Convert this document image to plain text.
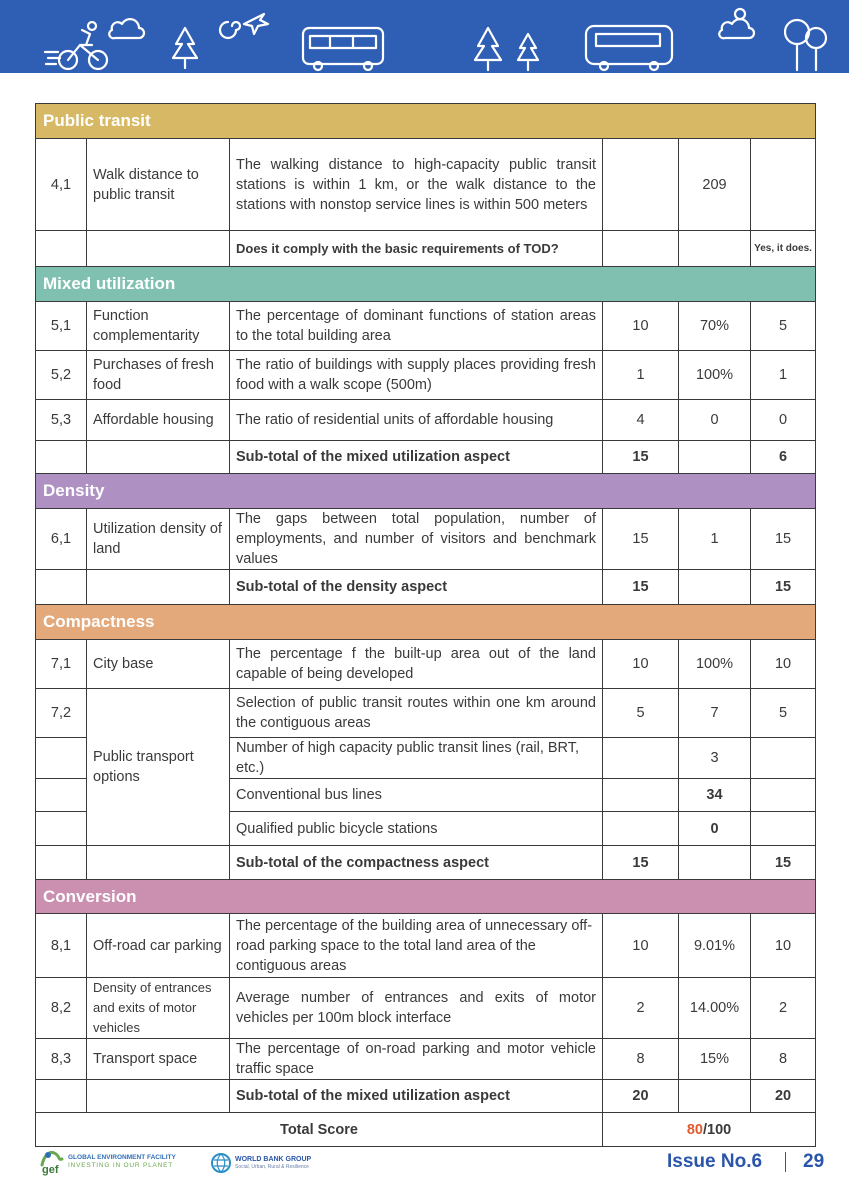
Public transit					
4,1	Walk distance to public transit	The walking distance to high-capacity public transit stations is within 1 km, or the walk distance to the stations with nonstop service lines is within 500 meters		209	
		Does it comply with the basic requirements of TOD?			Yes, it does.
Mixed utilization					
5,1	Function complementarity	The percentage of dominant functions of station areas to the total building area	10	70%	5
5,2	Purchases of fresh food	The ratio of buildings with supply places providing fresh food with a walk scope (500m)	1	100%	1
5,3	Affordable housing	The ratio of residential units of affordable housing	4	0	0
		Sub-total of the mixed utilization aspect	15		6
Density					
6,1	Utilization density of land	The gaps between total population, number of employments, and number of visitors and benchmark values	15	1	15
		Sub-total of the density aspect	15		15
Compactness					
7,1	City base	The percentage f the built-up area out of the land capable of being developed	10	100%	10
7,2	Public transport options	Selection of public transit routes within one km around the contiguous areas	5	7	5
		Number of high capacity public transit lines (rail, BRT, etc.)		3	
		Conventional bus lines		34	
		Qualified public bicycle stations		0	
		Sub-total of the compactness aspect	15		15
Conversion					
8,1	Off-road car parking	The percentage of the building area of unnecessary off-road parking space to the total land area of the contiguous areas	10	9.01%	10
8,2	Density of entrances and exits of motor vehicles	Average number of entrances and exits of motor vehicles per 100m block interface	2	14.00%	2
8,3	Transport space	The percentage of on-road parking and motor vehicle traffic space	8	15%	8
		Sub-total of the mixed utilization aspect	20		20
Total Score			80/100		
gef
GLOBAL ENVIRONMENT FACILITY
INVESTING IN OUR PLANET
WORLD BANK GROUP
Social, Urban, Rural & Resilience	Issue No.6 29
